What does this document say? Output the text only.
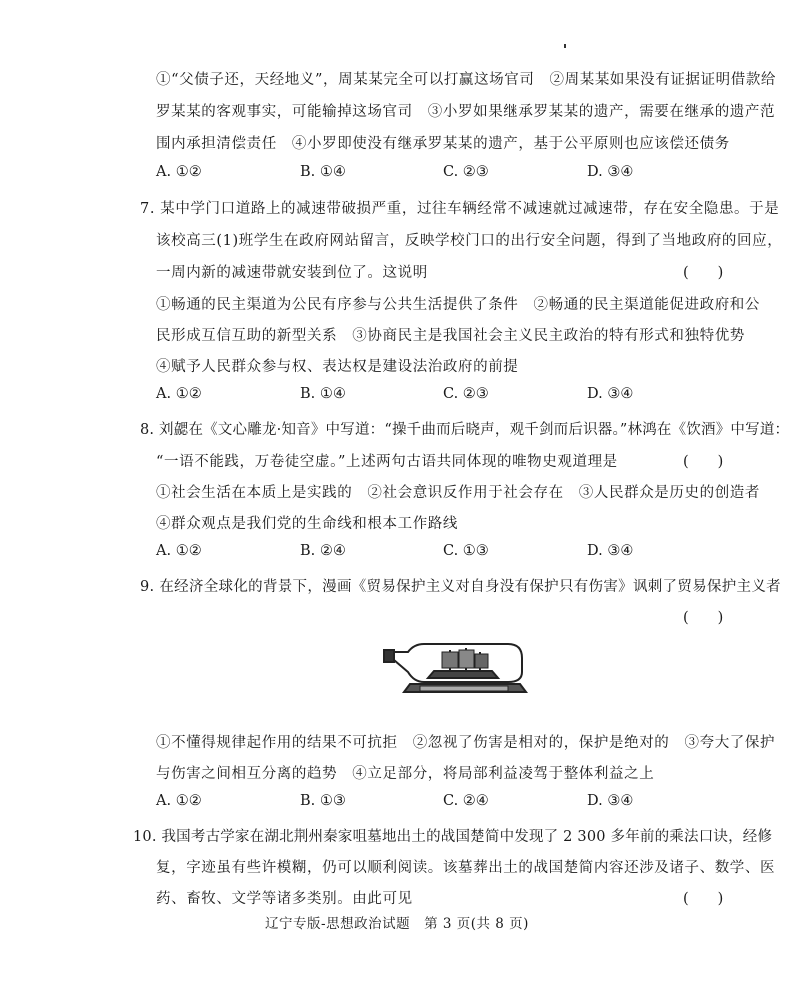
①“父债子还，天经地义”，周某某完全可以打赢这场官司　②周某某如果没有证据证明借款给
罗某某的客观事实，可能输掉这场官司　③小罗如果继承罗某某的遗产，需要在继承的遗产范
围内承担清偿责任　④小罗即使没有继承罗某某的遗产，基于公平原则也应该偿还债务
A. ①②	B. ①④	C. ②③	D. ③④
7. 某中学门口道路上的减速带破损严重，过往车辆经常不减速就过减速带，存在安全隐患。于是
该校高三(1)班学生在政府网站留言，反映学校门口的出行安全问题，得到了当地政府的回应，
一周内新的减速带就安装到位了。这说明	(　　)
①畅通的民主渠道为公民有序参与公共生活提供了条件　②畅通的民主渠道能促进政府和公
民形成互信互助的新型关系　③协商民主是我国社会主义民主政治的特有形式和独特优势
④赋予人民群众参与权、表达权是建设法治政府的前提
A. ①②	B. ①④	C. ②③	D. ③④
8. 刘勰在《文心雕龙·知音》中写道：“操千曲而后晓声，观千剑而后识器。”林鸿在《饮酒》中写道：
“一语不能践，万卷徒空虚。”上述两句古语共同体现的唯物史观道理是	(　　)
①社会生活在本质上是实践的　②社会意识反作用于社会存在　③人民群众是历史的创造者
④群众观点是我们党的生命线和根本工作路线
A. ①②	B. ②④	C. ①③	D. ③④
9. 在经济全球化的背景下，漫画《贸易保护主义对自身没有保护只有伤害》讽刺了贸易保护主义者
(　　)
①不懂得规律起作用的结果不可抗拒　②忽视了伤害是相对的，保护是绝对的　③夸大了保护
与伤害之间相互分离的趋势　④立足部分，将局部利益凌驾于整体利益之上
A. ①②	B. ①③	C. ②④	D. ③④
10. 我国考古学家在湖北荆州秦家咀墓地出土的战国楚简中发现了 2 300 多年前的乘法口诀，经修
复，字迹虽有些许模糊，仍可以顺利阅读。该墓葬出土的战国楚简内容还涉及诸子、数学、医
药、畜牧、文学等诸多类别。由此可见	(　　)
辽宁专版-思想政治试题　第 3 页(共 8 页)
